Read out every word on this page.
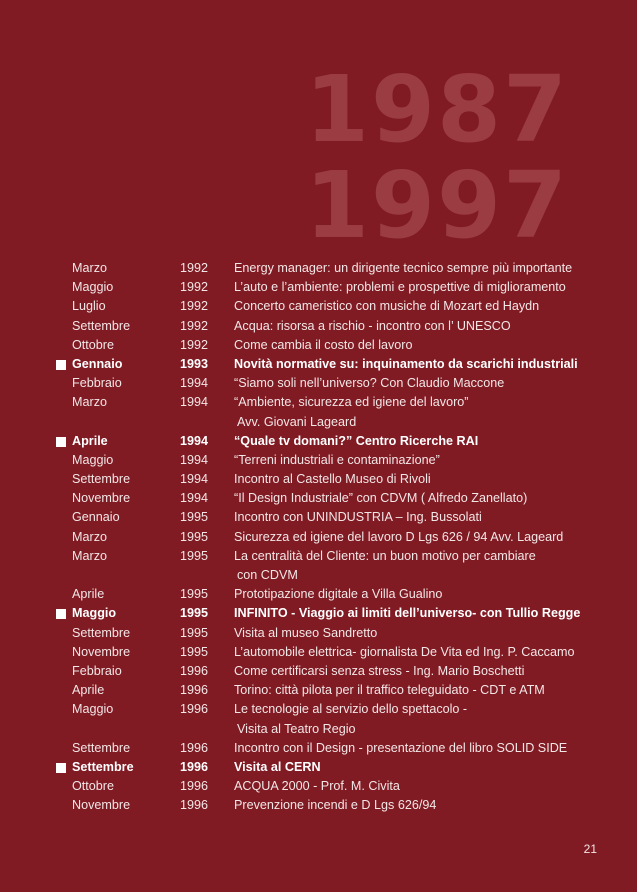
1987
1997
Marzo	1992 Energy manager: un dirigente tecnico sempre più importante
Maggio	1992 L’auto e l’ambiente: problemi e prospettive di miglioramento
Luglio	1992 Concerto cameristico con musiche di Mozart ed Haydn
Settembre	1992 Acqua: risorsa a rischio - incontro con l’ UNESCO
Ottobre	1992 Come cambia il costo del lavoro
Gennaio	1993 Novità normative su: inquinamento da scarichi industriali
Febbraio	1994 “Siamo soli nell’universo? Con Claudio Maccone
Marzo	1994 “Ambiente, sicurezza ed igiene del lavoro”
Avv. Giovani Lageard
Aprile	1994 “Quale tv domani?” Centro Ricerche RAI
Maggio	1994 “Terreni industriali e contaminazione”
Settembre	1994 Incontro al Castello Museo di Rivoli
Novembre	1994 “Il Design Industriale” con CDVM ( Alfredo Zanellato)
Gennaio	1995 Incontro con UNINDUSTRIA – Ing. Bussolati
Marzo	1995 Sicurezza ed igiene del lavoro D Lgs 626 / 94 Avv. Lageard
Marzo	1995 La centralità del Cliente: un buon motivo per cambiare
con CDVM
Aprile	1995 Prototipazione digitale a Villa Gualino
Maggio	1995 INFINITO - Viaggio ai limiti dell’universo- con Tullio Regge
Settembre	1995 Visita al museo Sandretto
Novembre	1995 L’automobile elettrica- giornalista De Vita ed Ing. P. Caccamo
Febbraio	1996 Come certificarsi senza stress - Ing. Mario Boschetti
Aprile	1996 Torino: città pilota per il traffico teleguidato - CDT e ATM
Maggio	1996 Le tecnologie al servizio dello spettacolo -
Visita al Teatro Regio
Settembre	1996 Incontro con il Design - presentazione del libro SOLID SIDE
Settembre	1996 Visita al CERN
Ottobre	1996 ACQUA 2000 - Prof. M. Civita
Novembre	1996 Prevenzione incendi e D Lgs 626/94
21
